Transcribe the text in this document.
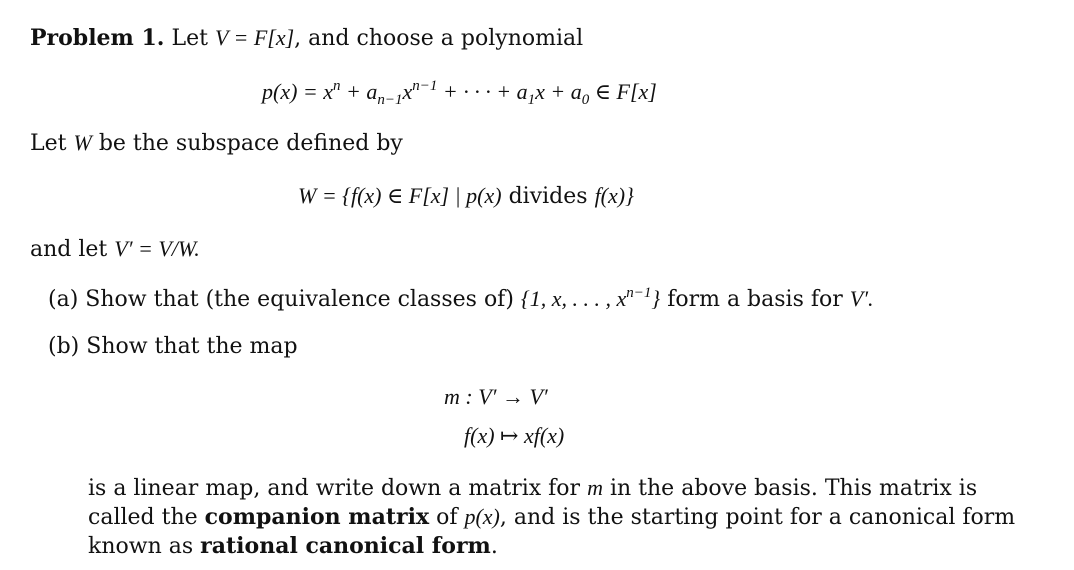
Problem 1. Let V = F[x], and choose a polynomial
$p(x) = x^n + a_{n-1}x^{n-1}$ + · · · + $a_1x + a_0$ ∈ F[x]
Let W be the subspace defined by
W = {f(x) ∈ F[x] | p(x) divides f(x)}
and let V′ = V/W.
(a) Show that (the equivalence classes of) {1, x, . . . , $x^{n-1}$} form a basis for V′.
(b) Show that the map
m : V′ → V′
f(x) ↦ xf(x)
is a linear map, and write down a matrix for m in the above basis. This matrix is
called the companion matrix of p(x), and is the starting point for a canonical form
known as rational canonical form.
